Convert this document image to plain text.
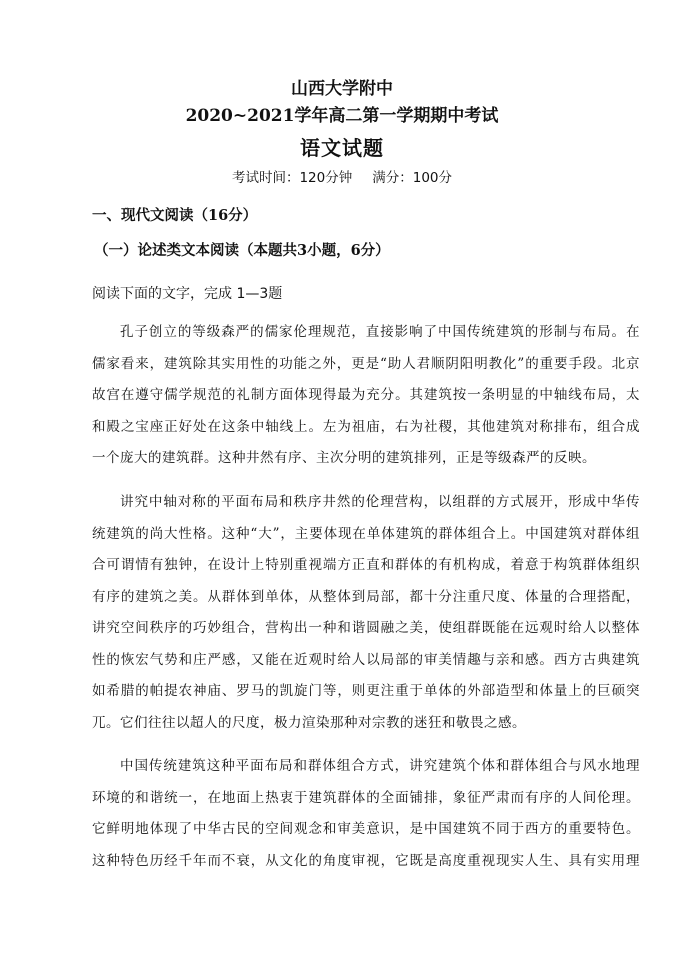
山西大学附中
2020~2021学年高二第一学期期中考试
语文试题
考试时间：120分钟 满分：100分
一、现代文阅读（16分）
（一）论述类文本阅读（本题共3小题，6分）
阅读下面的文字，完成 1—3题
孔子创立的等级森严的儒家伦理规范，直接影响了中国传统建筑的形制与布局。在
儒家看来，建筑除其实用性的功能之外，更是“助人君顺阴阳明教化”的重要手段。北京
故宫在遵守儒学规范的礼制方面体现得最为充分。其建筑按一条明显的中轴线布局，太
和殿之宝座正好处在这条中轴线上。左为祖庙，右为社稷，其他建筑对称排布，组合成
一个庞大的建筑群。这种井然有序、主次分明的建筑排列，正是等级森严的反映。
讲究中轴对称的平面布局和秩序井然的伦理营构，以组群的方式展开，形成中华传
统建筑的尚大性格。这种“大”，主要体现在单体建筑的群体组合上。中国建筑对群体组
合可谓情有独钟，在设计上特别重视端方正直和群体的有机构成，着意于构筑群体组织
有序的建筑之美。从群体到单体，从整体到局部，都十分注重尺度、体量的合理搭配，
讲究空间秩序的巧妙组合，营构出一种和谐圆融之美，使组群既能在远观时给人以整体
性的恢宏气势和庄严感，又能在近观时给人以局部的审美情趣与亲和感。西方古典建筑
如希腊的帕提农神庙、罗马的凯旋门等，则更注重于单体的外部造型和体量上的巨硕突
兀。它们往往以超人的尺度，极力渲染那种对宗教的迷狂和敬畏之感。
中国传统建筑这种平面布局和群体组合方式，讲究建筑个体和群体组合与风水地理
环境的和谐统一，在地面上热衷于建筑群体的全面铺排，象征严肃而有序的人间伦理。
它鲜明地体现了中华古民的空间观念和审美意识，是中国建筑不同于西方的重要特色。
这种特色历经千年而不衰，从文化的角度审视，它既是高度重视现实人生、具有实用理
